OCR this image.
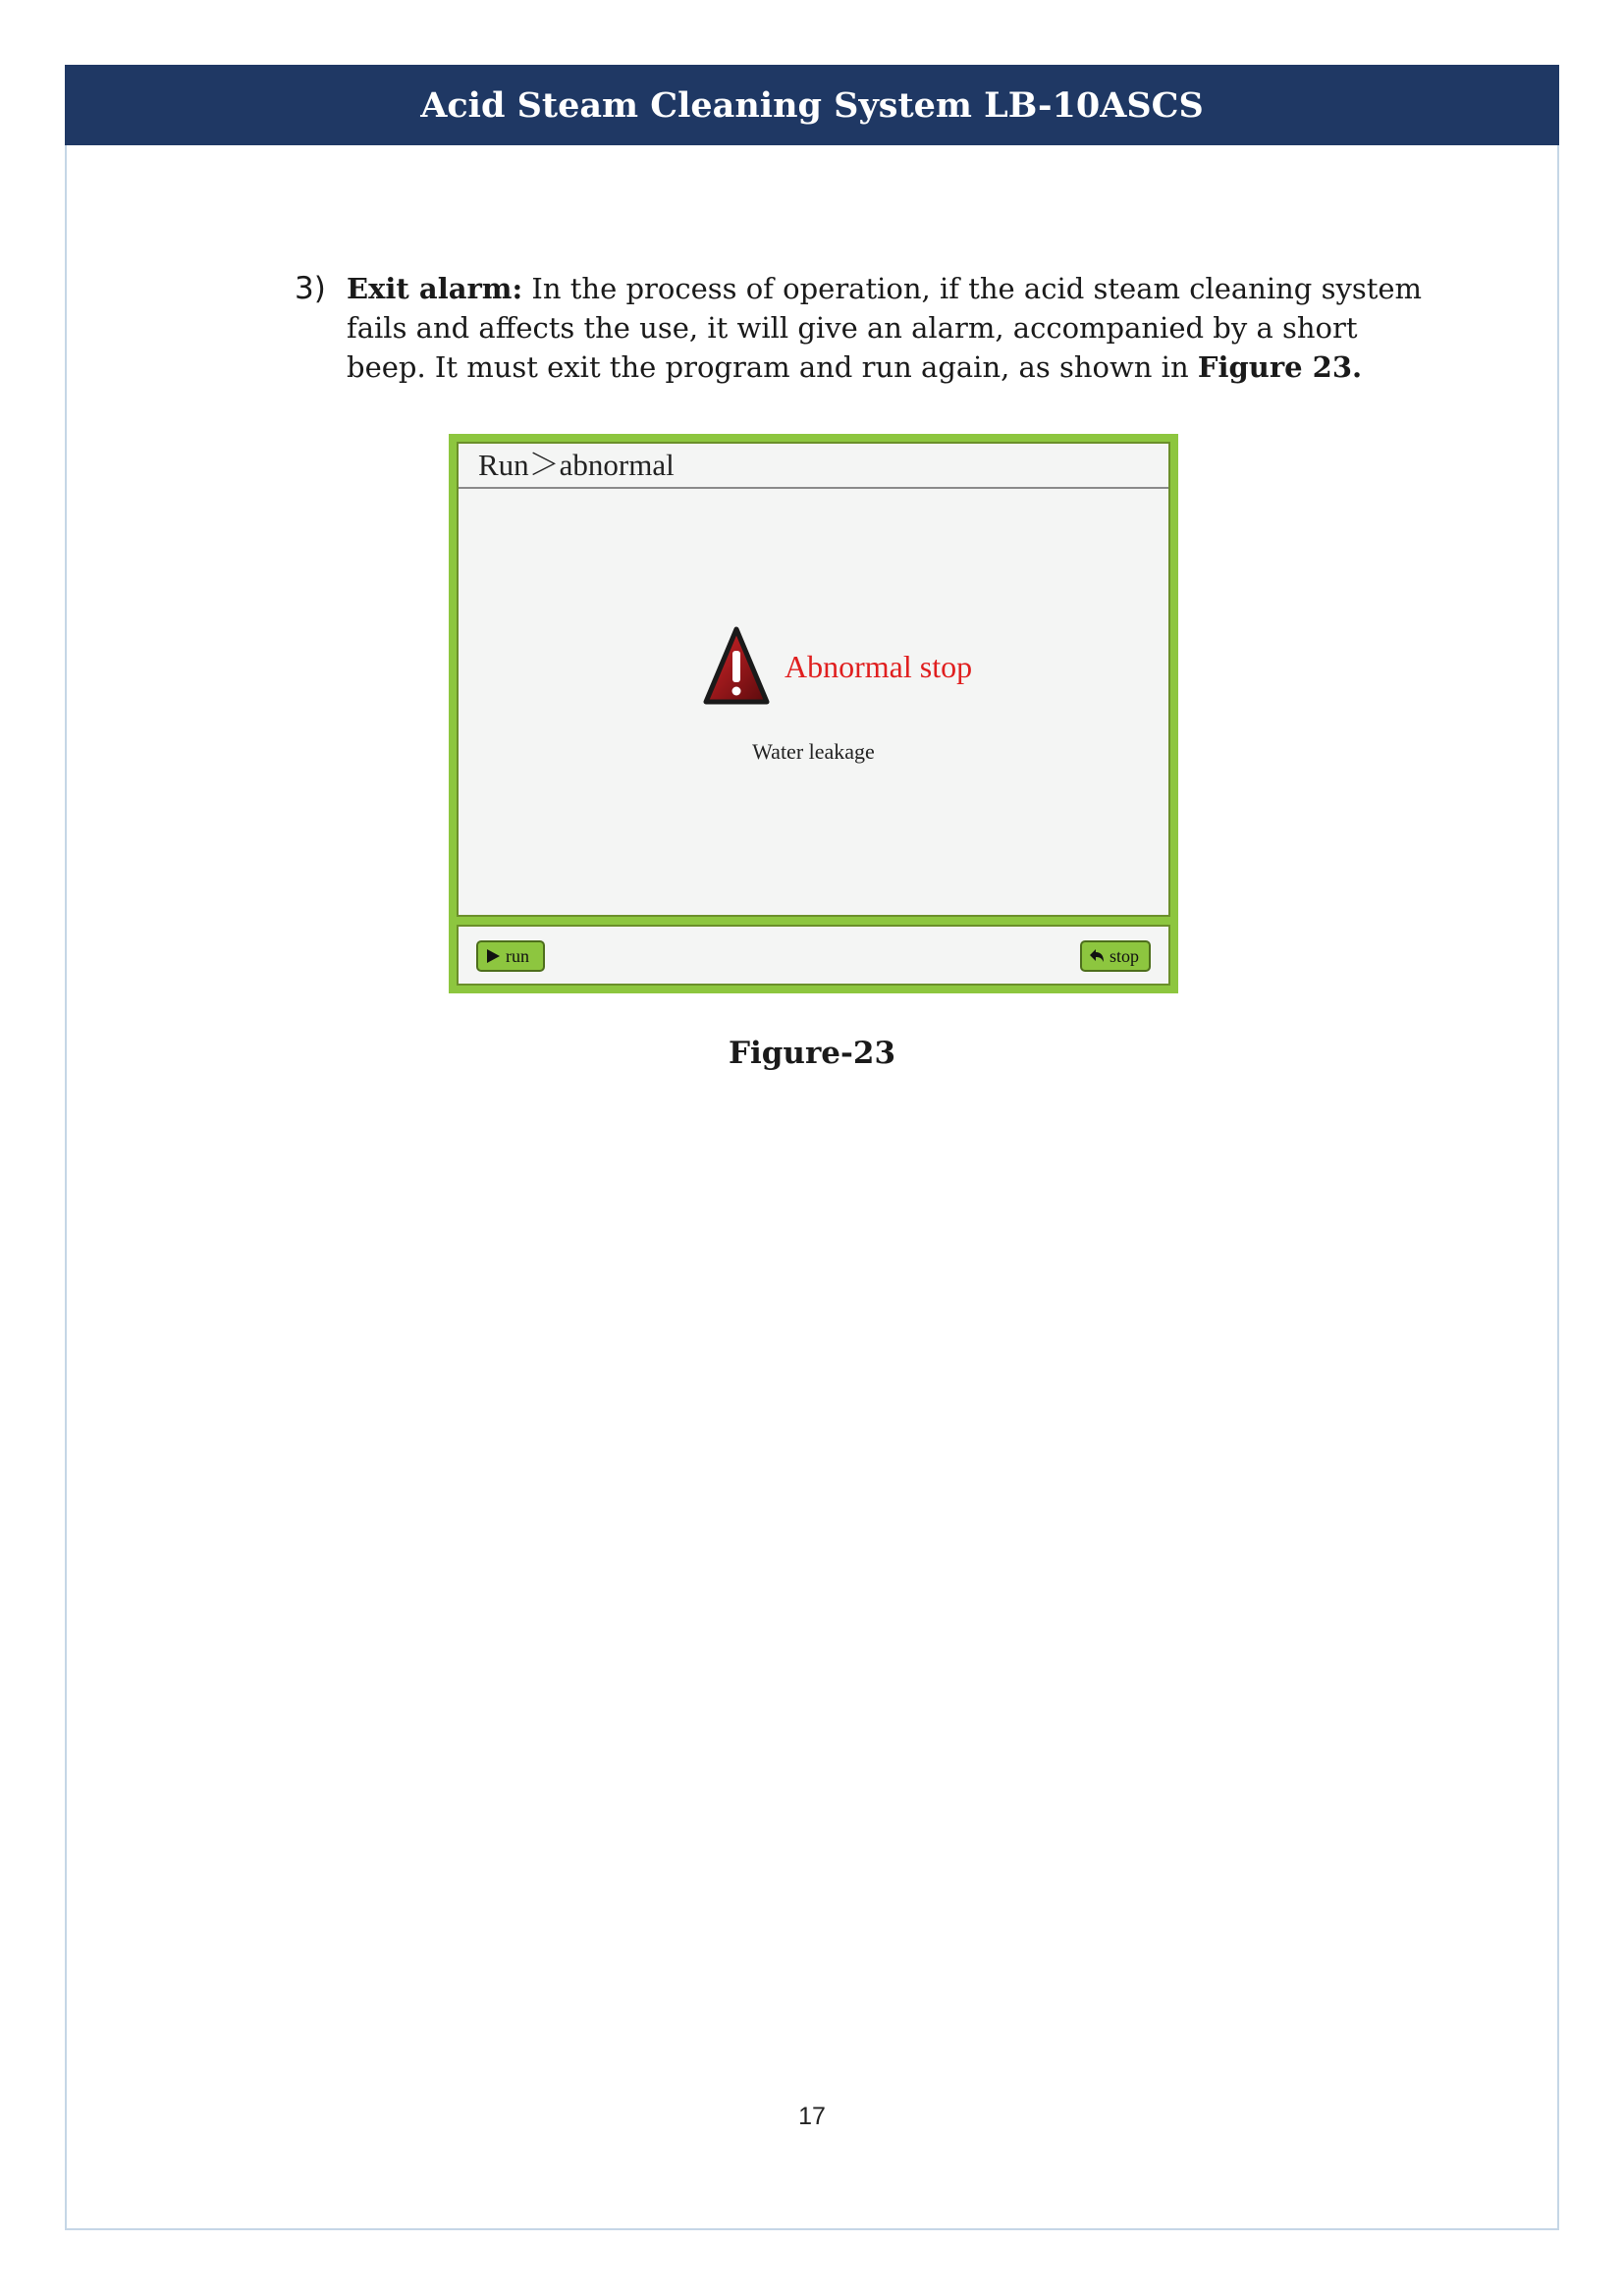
Acid Steam Cleaning System LB-10ASCS
3) Exit alarm: In the process of operation, if the acid steam cleaning system fails and affects the use, it will give an alarm, accompanied by a short beep. It must exit the program and run again, as shown in Figure 23.
Run＞abnormal
Abnormal stop
Water leakage
run	stop
Figure-23
17
